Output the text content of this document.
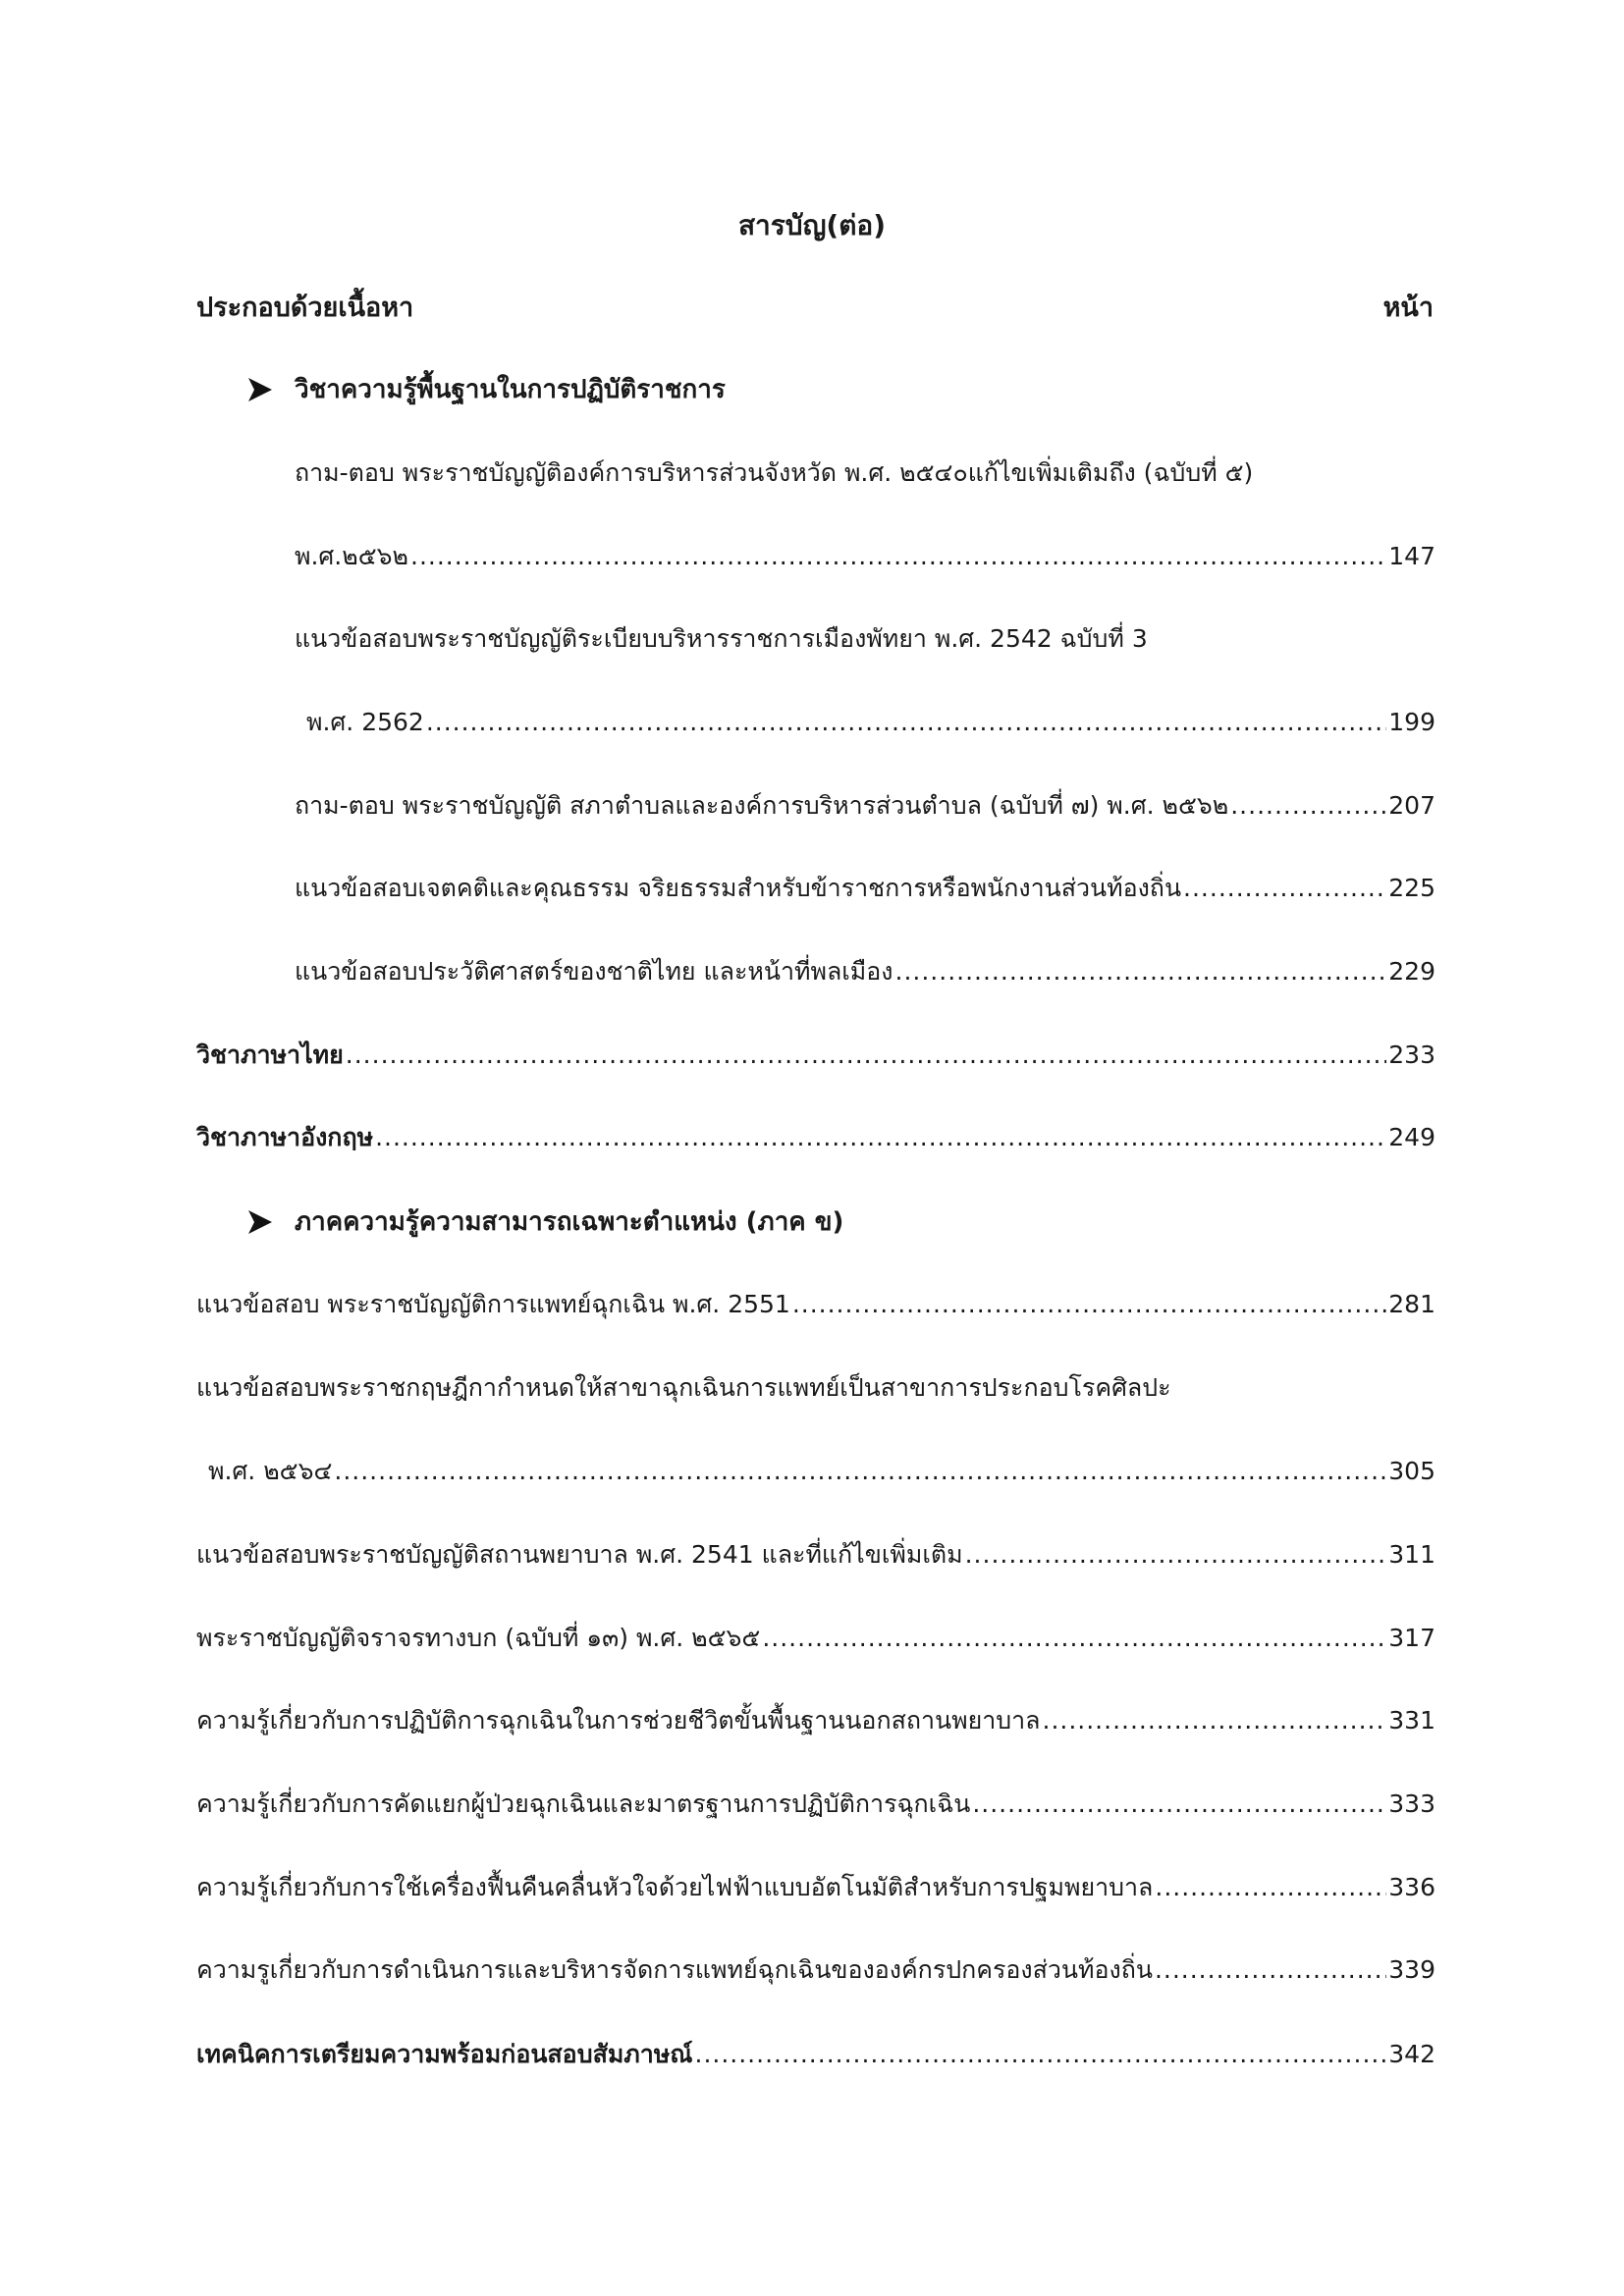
สารบัญ(ต่อ)
ประกอบด้วยเนื้อหา	หน้า
วิชาความรู้พื้นฐานในการปฏิบัติราชการ
ถาม-ตอบ พระราชบัญญัติองค์การบริหารส่วนจังหวัด พ.ศ. ๒๕๔๐แก้ไขเพิ่มเติมถึง (ฉบับที่ ๕)
พ.ศ.๒๕๖๒ .....	147
แนวข้อสอบพระราชบัญญัติระเบียบบริหารราชการเมืองพัทยา พ.ศ. 2542 ฉบับที่ 3
พ.ศ. 2562 .....	199
ถาม-ตอบ พระราชบัญญัติ สภาตำบลและองค์การบริหารส่วนตำบล (ฉบับที่ ๗) พ.ศ. ๒๕๖๒ .....	207
แนวข้อสอบเจตคติและคุณธรรม จริยธรรมสำหรับข้าราชการหรือพนักงานส่วนท้องถิ่น .....	225
แนวข้อสอบประวัติศาสตร์ของชาติไทย และหน้าที่พลเมือง .....	229
วิชาภาษาไทย .....	233
วิชาภาษาอังกฤษ .....	249
ภาคความรู้ความสามารถเฉพาะตำแหน่ง (ภาค ข)
แนวข้อสอบ พระราชบัญญัติการแพทย์ฉุกเฉิน พ.ศ. 2551 .....	281
แนวข้อสอบพระราชกฤษฎีกากำหนดให้สาขาฉุกเฉินการแพทย์เป็นสาขาการประกอบโรคศิลปะ
พ.ศ. ๒๕๖๔ .....	305
แนวข้อสอบพระราชบัญญัติสถานพยาบาล พ.ศ. 2541 และที่แก้ไขเพิ่มเติม .....	311
พระราชบัญญัติจราจรทางบก (ฉบับที่ ๑๓) พ.ศ. ๒๕๖๕ .....	317
ความรู้เกี่ยวกับการปฏิบัติการฉุกเฉินในการช่วยชีวิตขั้นพื้นฐานนอกสถานพยาบาล .....	331
ความรู้เกี่ยวกับการคัดแยกผู้ป่วยฉุกเฉินและมาตรฐานการปฏิบัติการฉุกเฉิน .....	333
ความรู้เกี่ยวกับการใช้เครื่องฟื้นคืนคลื่นหัวใจด้วยไฟฟ้าแบบอัตโนมัติสำหรับการปฐมพยาบาล .....	336
ความรูเกี่ยวกับการดำเนินการและบริหารจัดการแพทย์ฉุกเฉินขององค์กรปกครองส่วนท้องถิ่น .....	339
เทคนิคการเตรียมความพร้อมก่อนสอบสัมภาษณ์ .....	342
